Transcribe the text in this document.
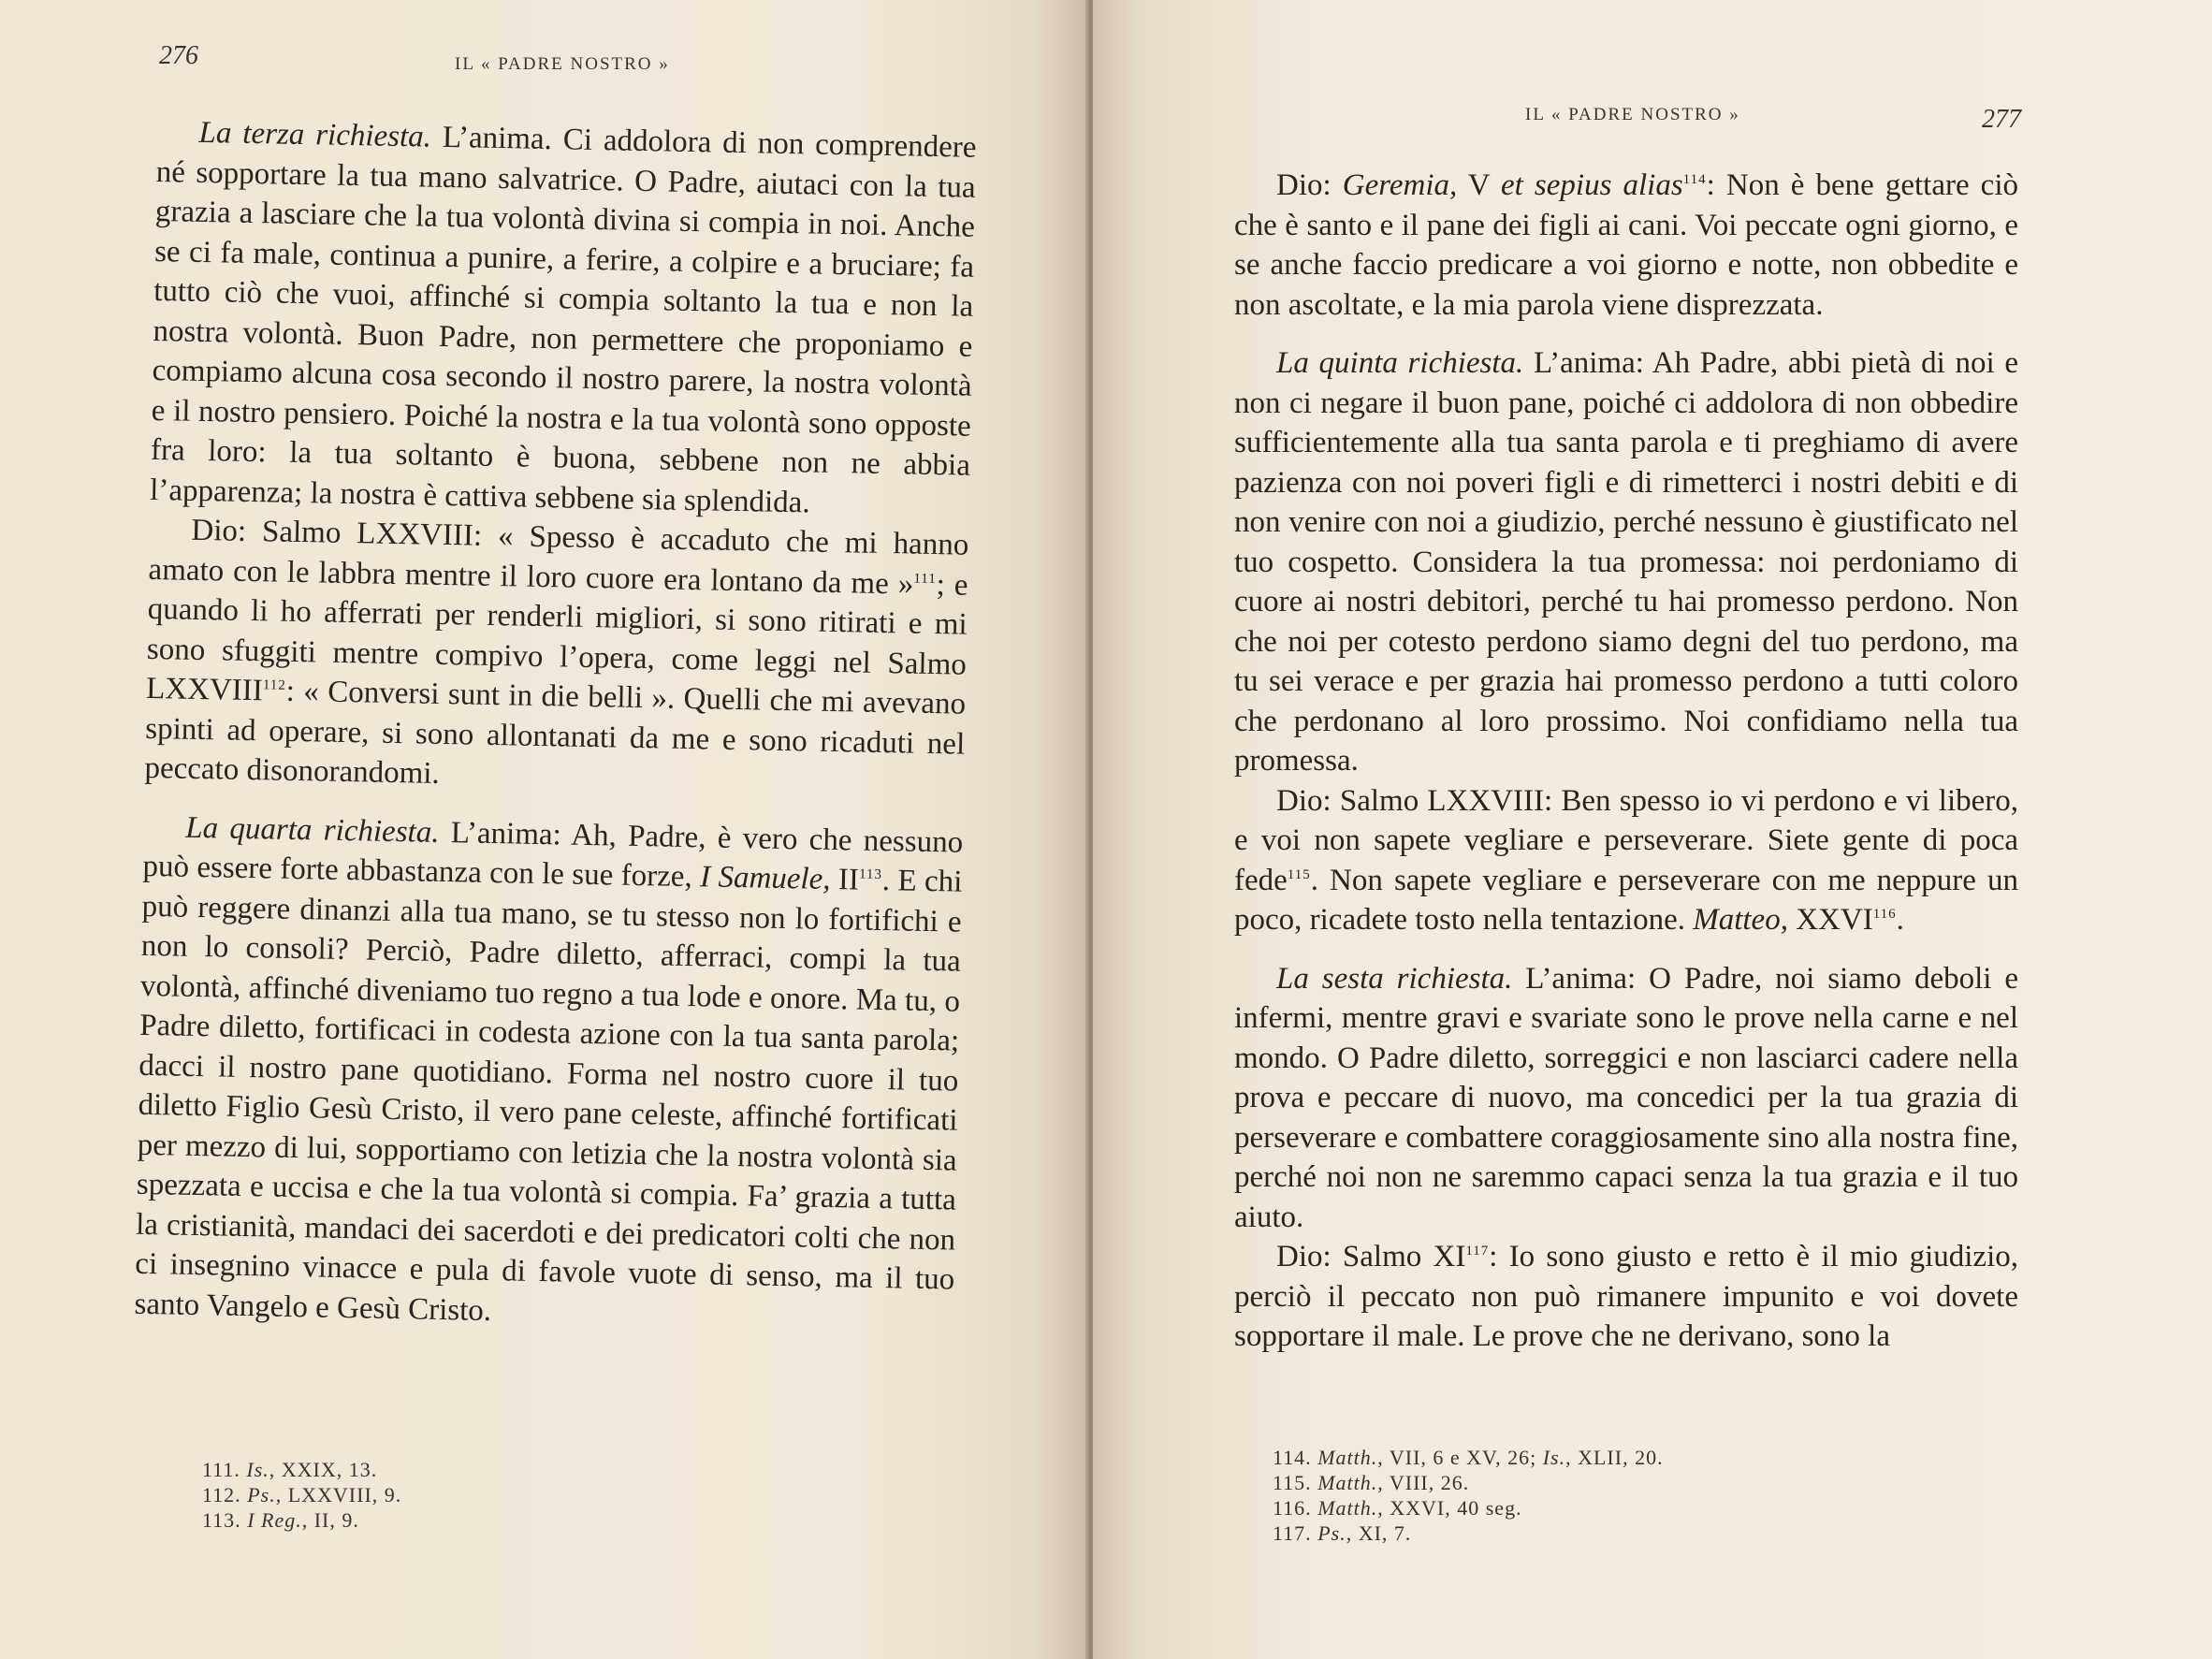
276	IL « PADRE NOSTRO »

La terza richiesta. L’anima. Ci addolora di non comprendere né sopportare la tua mano salvatrice. O Padre, aiutaci con la tua grazia a lasciare che la tua volontà divina si compia in noi. Anche se ci fa male, continua a punire, a ferire, a colpire e a bruciare; fa tutto ciò che vuoi, affinché si compia soltanto la tua e non la nostra volontà. Buon Padre, non permettere che proponiamo e compiamo alcuna cosa secondo il nostro parere, la nostra volontà e il nostro pensiero. Poiché la nostra e la tua volontà sono opposte fra loro: la tua soltanto è buona, sebbene non ne abbia l’apparenza; la nostra è cattiva sebbene sia splendida.

Dio: Salmo LXXVIII: « Spesso è accaduto che mi hanno amato con le labbra mentre il loro cuore era lontano da me »$^{111}$; e quando li ho afferrati per renderli migliori, si sono ritirati e mi sono sfuggiti mentre compivo l’opera, come leggi nel Salmo LXXVIII$^{112}$: « Conversi sunt in die belli ». Quelli che mi avevano spinti ad operare, si sono allontanati da me e sono ricaduti nel peccato disonorandomi.

La quarta richiesta. L’anima: Ah, Padre, è vero che nessuno può essere forte abbastanza con le sue forze, I Samuele, II$^{113}$. E chi può reggere dinanzi alla tua mano, se tu stesso non lo fortifichi e non lo consoli? Perciò, Padre diletto, afferraci, compi la tua volontà, affinché diveniamo tuo regno a tua lode e onore. Ma tu, o Padre diletto, fortificaci in codesta azione con la tua santa parola; dacci il nostro pane quotidiano. Forma nel nostro cuore il tuo diletto Figlio Gesù Cristo, il vero pane celeste, affinché fortificati per mezzo di lui, sopportiamo con letizia che la nostra volontà sia spezzata e uccisa e che la tua volontà si compia. Fa’ grazia a tutta la cristianità, mandaci dei sacerdoti e dei predicatori colti che non ci insegnino vinacce e pula di favole vuote di senso, ma il tuo santo Vangelo e Gesù Cristo.

111. Is., XXIX, 13.
112. Ps., LXXVIII, 9.
113. I Reg., II, 9.
IL « PADRE NOSTRO »	277

Dio: Geremia, V et sepius alias$^{114}$: Non è bene gettare ciò che è santo e il pane dei figli ai cani. Voi peccate ogni giorno, e se anche faccio predicare a voi giorno e notte, non obbedite e non ascoltate, e la mia parola viene disprezzata.

La quinta richiesta. L’anima: Ah Padre, abbi pietà di noi e non ci negare il buon pane, poiché ci addolora di non obbedire sufficientemente alla tua santa parola e ti preghiamo di avere pazienza con noi poveri figli e di rimetterci i nostri debiti e di non venire con noi a giudizio, perché nessuno è giustificato nel tuo cospetto. Considera la tua promessa: noi perdoniamo di cuore ai nostri debitori, perché tu hai promesso perdono. Non che noi per cotesto perdono siamo degni del tuo perdono, ma tu sei verace e per grazia hai promesso perdono a tutti coloro che perdonano al loro prossimo. Noi confidiamo nella tua promessa.

Dio: Salmo LXXVIII: Ben spesso io vi perdono e vi libero, e voi non sapete vegliare e perseverare. Siete gente di poca fede$^{115}$. Non sapete vegliare e perseverare con me neppure un poco, ricadete tosto nella tentazione. Matteo, XXVI$^{116}$.

La sesta richiesta. L’anima: O Padre, noi siamo deboli e infermi, mentre gravi e svariate sono le prove nella carne e nel mondo. O Padre diletto, sorreggici e non lasciarci cadere nella prova e peccare di nuovo, ma concedici per la tua grazia di perseverare e combattere coraggiosamente sino alla nostra fine, perché noi non ne saremmo capaci senza la tua grazia e il tuo aiuto.

Dio: Salmo XI$^{117}$: Io sono giusto e retto è il mio giudizio, perciò il peccato non può rimanere impunito e voi dovete sopportare il male. Le prove che ne derivano, sono la

114. Matth., VII, 6 e XV, 26; Is., XLII, 20.
115. Matth., VIII, 26.
116. Matth., XXVI, 40 seg.
117. Ps., XI, 7.
